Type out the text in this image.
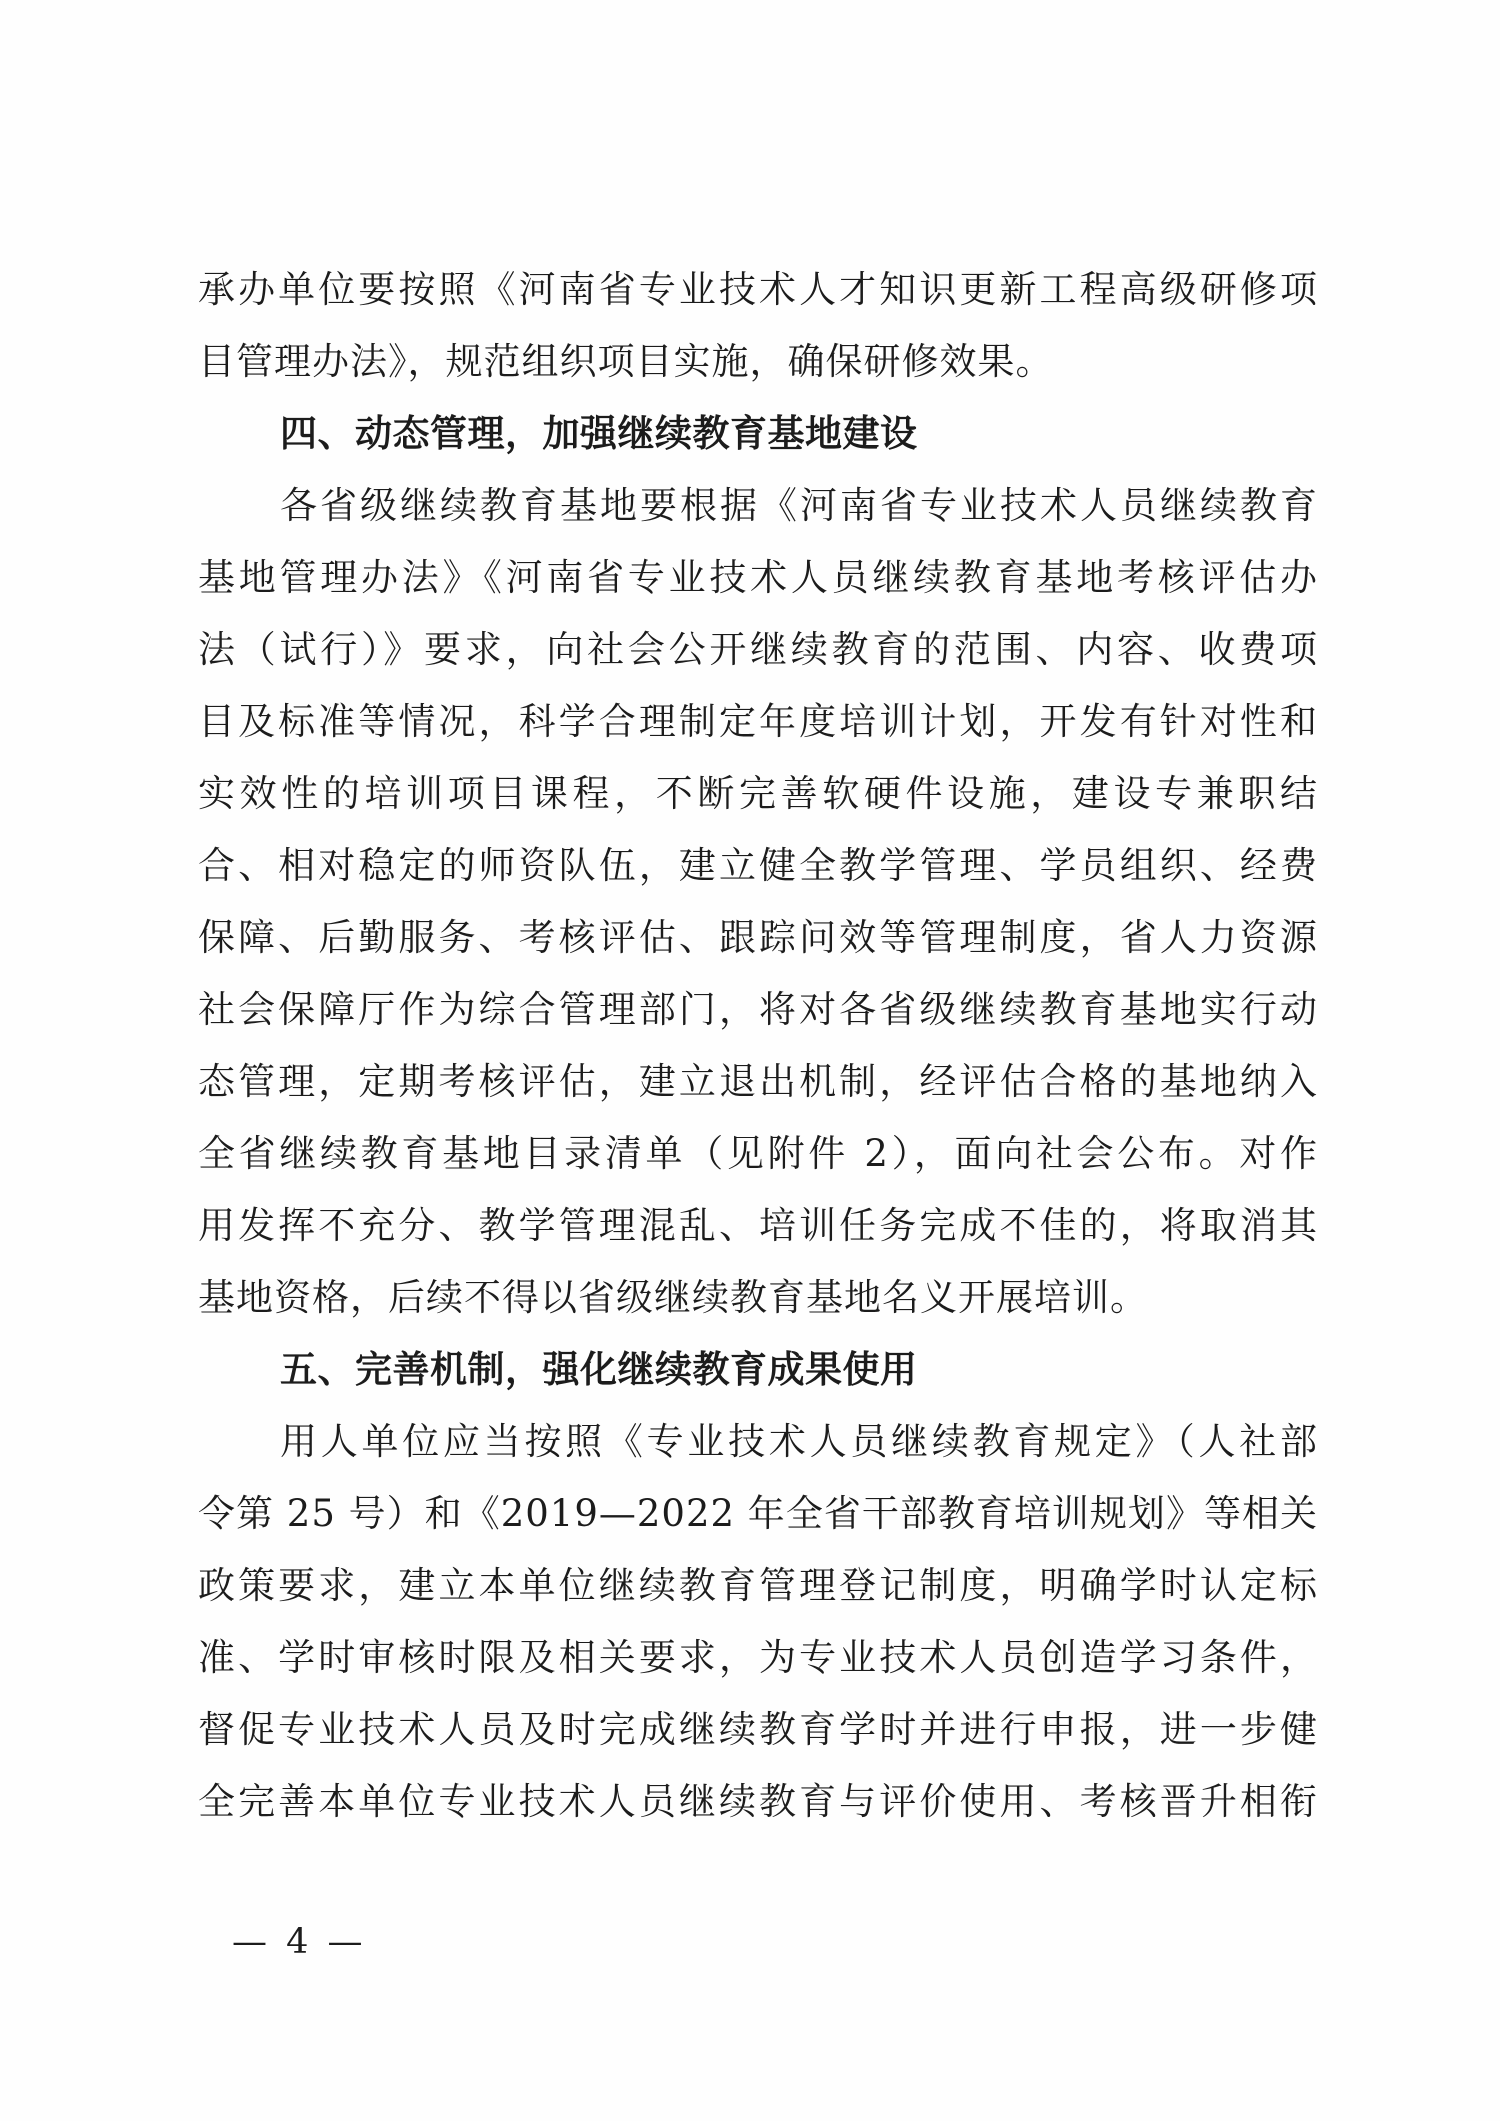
承办单位要按照《河南省专业技术人才知识更新工程高级研修项
目管理办法》，规范组织项目实施，确保研修效果。
四、动态管理，加强继续教育基地建设
各省级继续教育基地要根据《河南省专业技术人员继续教育
基地管理办法》《河南省专业技术人员继续教育基地考核评估办
法（试行）》要求，向社会公开继续教育的范围、内容、收费项
目及标准等情况，科学合理制定年度培训计划，开发有针对性和
实效性的培训项目课程，不断完善软硬件设施，建设专兼职结
合、相对稳定的师资队伍，建立健全教学管理、学员组织、经费
保障、后勤服务、考核评估、跟踪问效等管理制度，省人力资源
社会保障厅作为综合管理部门，将对各省级继续教育基地实行动
态管理，定期考核评估，建立退出机制，经评估合格的基地纳入
全省继续教育基地目录清单（见附件 2），面向社会公布。对作
用发挥不充分、教学管理混乱、培训任务完成不佳的，将取消其
基地资格，后续不得以省级继续教育基地名义开展培训。
五、完善机制，强化继续教育成果使用
用人单位应当按照《专业技术人员继续教育规定》（人社部
令第 25 号）和《2019—2022 年全省干部教育培训规划》等相关
政策要求，建立本单位继续教育管理登记制度，明确学时认定标
准、学时审核时限及相关要求，为专业技术人员创造学习条件，
督促专业技术人员及时完成继续教育学时并进行申报，进一步健
全完善本单位专业技术人员继续教育与评价使用、考核晋升相衔
— 4 —
